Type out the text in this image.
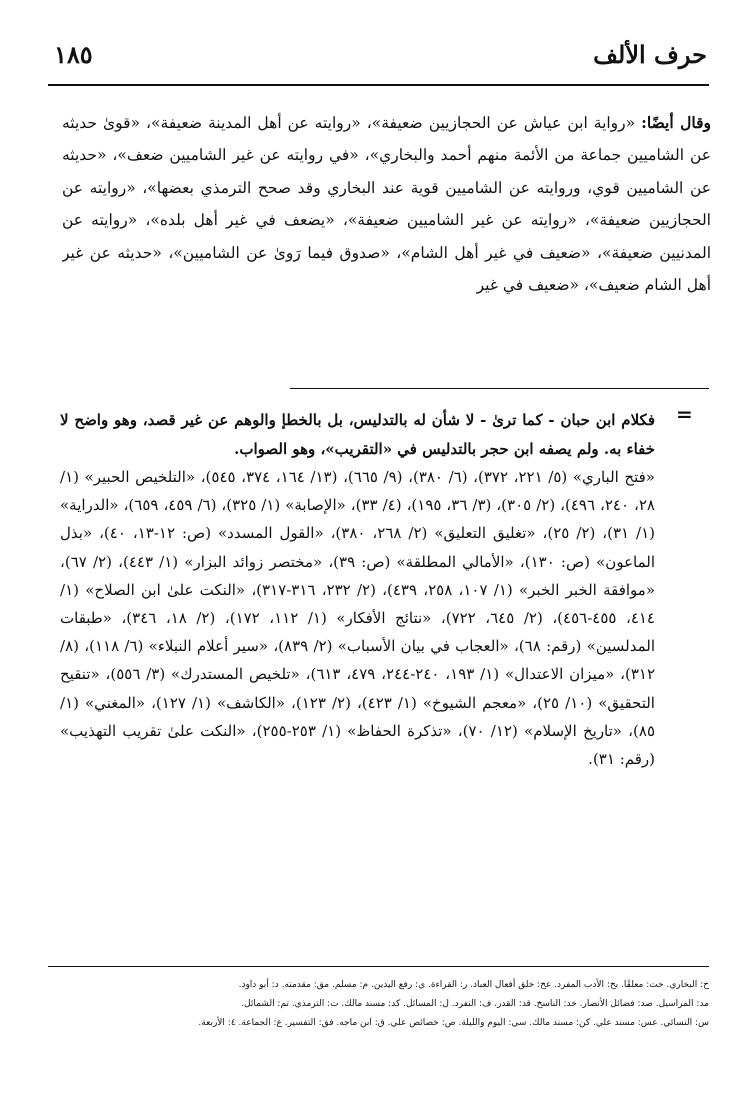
حرف الألف
١٨٥
وقال أيضًا: «رواية ابن عياش عن الحجازيين ضعيفة»، «روايته عن أهل المدينة ضعيفة»، «قوىٰ حديثه عن الشاميين جماعة من الأئمة منهم أحمد والبخاري»، «في روايته عن غير الشاميين ضعف»، «حديثه عن الشاميين قوي، وروايته عن الشاميين قوية عند البخاري وقد صحح الترمذي بعضها»، «روايته عن الحجازيين ضعيفة»، «روايته عن غير الشاميين ضعيفة»، «يضعف في غير أهل بلده»، «روايته عن المدنيين ضعيفة»، «ضعيف في غير أهل الشام»، «صدوق فيما رَوىٰ عن الشاميين»، «حديثه عن غير أهل الشام ضعيف»، «ضعيف في غير
=
فكلام ابن حبان - كما ترىٰ - لا شأن له بالتدليس، بل بالخطإ والوهم عن غير قصد، وهو واضح لا خفاء به. ولم يصفه ابن حجر بالتدليس في «التقريب»، وهو الصواب.
«فتح الباري» (٥/ ٢٢١، ٣٧٢)، (٦/ ٣٨٠)، (٩/ ٦٦٥)، (١٣/ ١٦٤، ٣٧٤، ٥٤٥)، «التلخيص الحبير» (١/ ٢٨، ٢٤٠، ٤٩٦)، (٢/ ٣٠٥)، (٣/ ٣٦، ١٩٥)، (٤/ ٣٣)، «الإصابة» (١/ ٣٢٥)، (٦/ ٤٥٩، ٦٥٩)، «الدراية» (١/ ٣١)، (٢/ ٢٥)، «تغليق التعليق» (٢/ ٢٦٨، ٣٨٠)، «القول المسدد» (ص: ١٢-١٣، ٤٠)، «بذل الماعون» (ص: ١٣٠)، «الأمالي المطلقة» (ص: ٣٩)، «مختصر زوائد البزار» (١/ ٤٤٣)، (٢/ ٦٧)، «موافقة الخبر الخبر» (١/ ١٠٧، ٢٥٨، ٤٣٩)، (٢/ ٢٣٢، ٣١٦-٣١٧)، «النكت علىٰ ابن الصلاح» (١/ ٤١٤، ٤٥٥-٤٥٦)، (٢/ ٦٤٥، ٧٢٢)، «نتائج الأفكار» (١/ ١١٢، ١٧٢)، (٢/ ١٨، ٣٤٦)، «طبقات المدلسين» (رقم: ٦٨)، «العجاب في بيان الأسباب» (٢/ ٨٣٩)، «سير أعلام النبلاء» (٦/ ١١٨)، (٨/ ٣١٢)، «ميزان الاعتدال» (١/ ١٩٣، ٢٤٠-٢٤٤، ٤٧٩، ٦١٣)، «تلخيص المستدرك» (٣/ ٥٥٦)، «تنقيح التحقيق» (١٠/ ٢٥)، «معجم الشيوخ» (١/ ٤٢٣)، (٢/ ١٢٣)، «الكاشف» (١/ ١٢٧)، «المغني» (١/ ٨٥)، «تاريخ الإسلام» (١٢/ ٧٠)، «تذكرة الحفاظ» (١/ ٢٥٣-٢٥٥)، «النكت علىٰ تقريب التهذيب» (رقم: ٣١).
خ: البخاري. خت: معلقًا. بخ: الأدب المفرد. عخ: خلق أفعال العباد. ر: القراءة. ي: رفع اليدين. م: مسلم. مق: مقدمته. د: أبو داود.
مد: المراسيل. صد: فضائل الأنصار. خد: الناسخ. قد: القدر. ف: التفرد. ل: المسائل. كد: مسند مالك. ت: الترمذي. تم: الشمائل.
س: النسائي. عس: مسند علي. كن: مسند مالك. سي: اليوم والليلة. ص: خصائص علي. ق: ابن ماجه. فق: التفسير. ع: الجماعة. ٤: الأربعة.
